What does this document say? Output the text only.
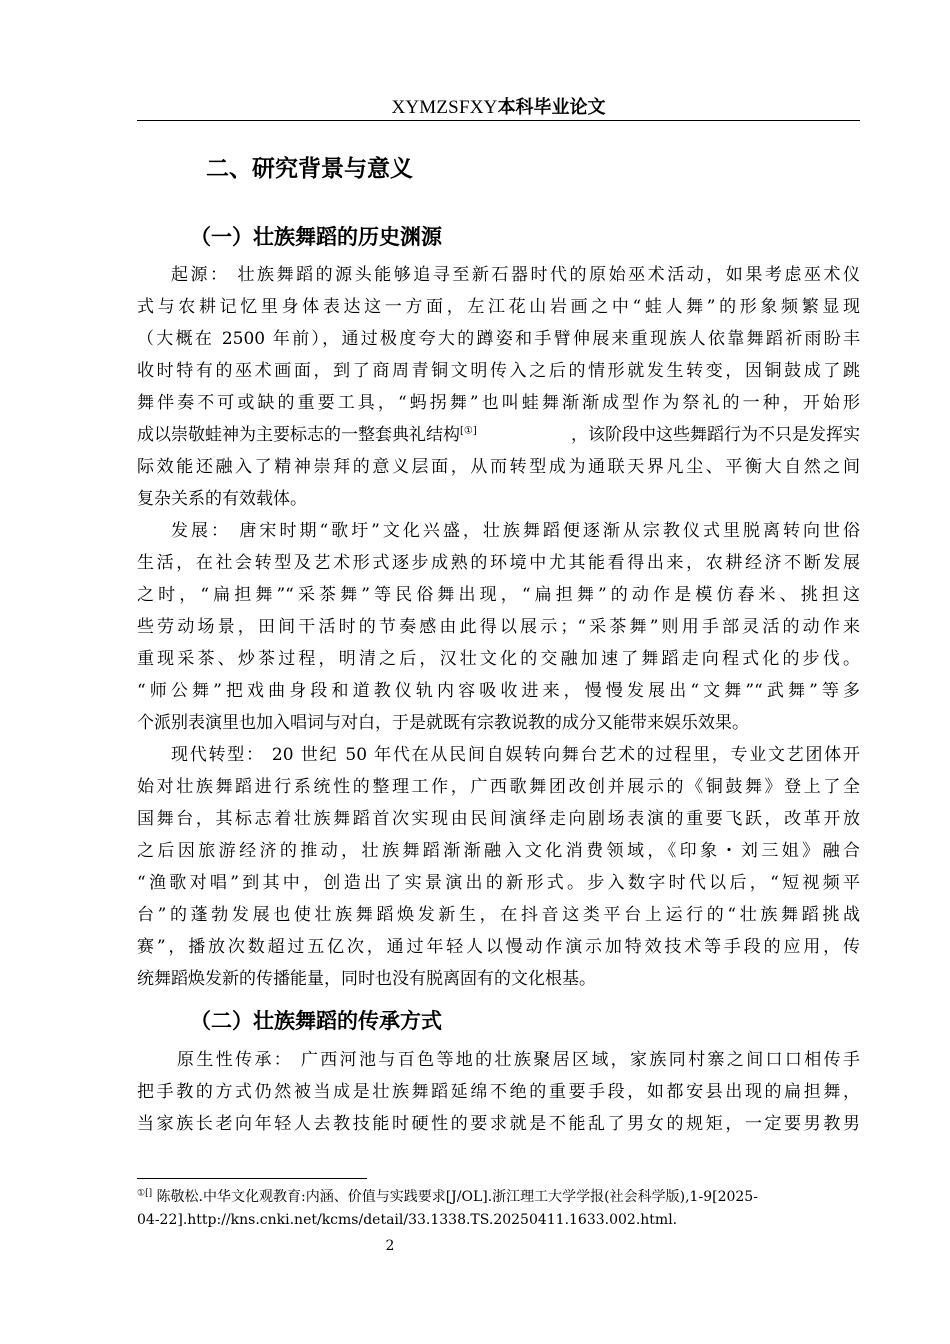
XYMZSFXY本科毕业论文
二、研究背景与意义
（一）壮族舞蹈的历史渊源
起源： 壮族舞蹈的源头能够追寻至新石器时代的原始巫术活动，如果考虑巫术仪
式与农耕记忆里身体表达这一方面，左江花山岩画之中“蛙人舞”的形象频繁显现
（大概在 2500 年前），通过极度夸大的蹲姿和手臂伸展来重现族人依靠舞蹈祈雨盼丰
收时特有的巫术画面，到了商周青铜文明传入之后的情形就发生转变，因铜鼓成了跳
舞伴奏不可或缺的重要工具，“蚂拐舞”也叫蛙舞渐渐成型作为祭礼的一种，开始形
成以崇敬蛙神为主要标志的一整套典礼结构[①]	，该阶段中这些舞蹈行为不只是发挥实
际效能还融入了精神崇拜的意义层面，从而转型成为通联天界凡尘、平衡大自然之间
复杂关系的有效载体。
发展： 唐宋时期“歌圩”文化兴盛，壮族舞蹈便逐渐从宗教仪式里脱离转向世俗
生活，在社会转型及艺术形式逐步成熟的环境中尤其能看得出来，农耕经济不断发展
之时，“扁担舞”“采茶舞”等民俗舞出现，“扁担舞”的动作是模仿舂米、挑担这
些劳动场景，田间干活时的节奏感由此得以展示；“采茶舞”则用手部灵活的动作来
重现采茶、炒茶过程，明清之后，汉壮文化的交融加速了舞蹈走向程式化的步伐。
“师公舞”把戏曲身段和道教仪轨内容吸收进来，慢慢发展出“文舞”“武舞”等多
个派别表演里也加入唱词与对白，于是就既有宗教说教的成分又能带来娱乐效果。
现代转型： 20 世纪 50 年代在从民间自娱转向舞台艺术的过程里，专业文艺团体开
始对壮族舞蹈进行系统性的整理工作，广西歌舞团改创并展示的《铜鼓舞》登上了全
国舞台，其标志着壮族舞蹈首次实现由民间演绎走向剧场表演的重要飞跃，改革开放
之后因旅游经济的推动，壮族舞蹈渐渐融入文化消费领域，《印象・刘三姐》融合
“渔歌对唱”到其中，创造出了实景演出的新形式。步入数字时代以后，“短视频平
台”的蓬勃发展也使壮族舞蹈焕发新生，在抖音这类平台上运行的“壮族舞蹈挑战
赛”，播放次数超过五亿次，通过年轻人以慢动作演示加特效技术等手段的应用，传
统舞蹈焕发新的传播能量，同时也没有脱离固有的文化根基。
（二）壮族舞蹈的传承方式
原生性传承： 广西河池与百色等地的壮族聚居区域，家族同村寨之间口口相传手
把手教的方式仍然被当成是壮族舞蹈延绵不绝的重要手段，如都安县出现的扁担舞，
当家族长老向年轻人去教技能时硬性的要求就是不能乱了男女的规矩，一定要男教男
①[] 陈敬松.中华文化观教育:内涵、价值与实践要求[J/OL].浙江理工大学学报(社会科学版),1-9[2025-
04-22].http://kns.cnki.net/kcms/detail/33.1338.TS.20250411.1633.002.html.
2
